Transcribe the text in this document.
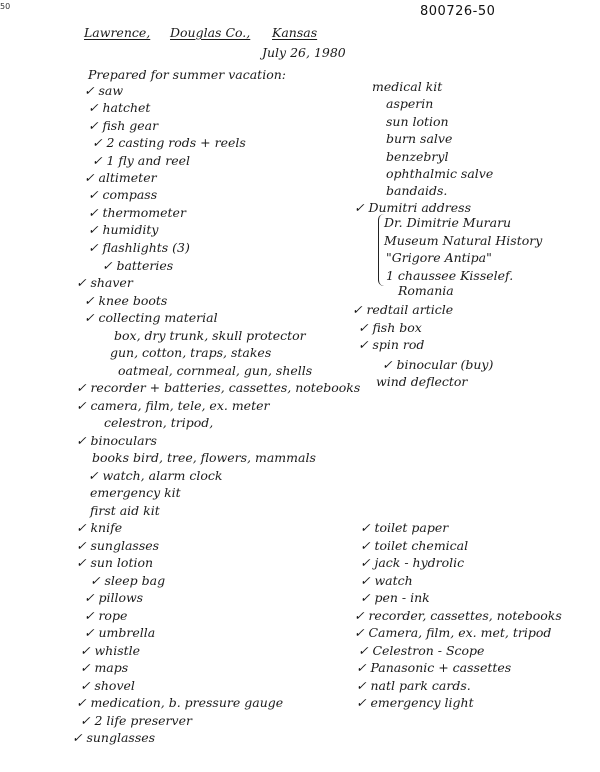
50	800726-50
Lawrence, Douglas Co., Kansas
July 26, 1980
Prepared for summer vacation:
✓ saw
✓ hatchet
✓ fish gear
✓ 2 casting rods + reels
✓ 1 fly and reel
✓ altimeter
✓ compass
✓ thermometer
✓ humidity
✓ flashlights (3)
✓ batteries
✓ shaver
✓ knee boots
✓ collecting material
box, dry trunk, skull protector
gun, cotton, traps, stakes
oatmeal, cornmeal, gun, shells
✓ recorder + batteries, cassettes, notebooks
✓ camera, film, tele, ex. meter
celestron, tripod,
✓ binoculars
books bird, tree, flowers, mammals
✓ watch, alarm clock
emergency kit
first aid kit
✓ knife
✓ sunglasses
✓ sun lotion
✓ sleep bag
✓ pillows
✓ rope
✓ umbrella
✓ whistle
✓ maps
✓ shovel
✓ medication, b. pressure gauge
✓ 2 life preserver
✓ sunglasses
medical kit
asperin
sun lotion
burn salve
benzebryl
ophthalmic salve
bandaids.
✓ Dumitri address
Dr. Dimitrie Muraru
Museum Natural History
"Grigore Antipa"
1 chaussee Kisselef.
Romania
✓ redtail article
✓ fish box
✓ spin rod
✓ binocular (buy)
wind deflector
✓ toilet paper
✓ toilet chemical
✓ jack - hydrolic
✓ watch
✓ pen - ink
✓ recorder, cassettes, notebooks
✓ Camera, film, ex. met, tripod
✓ Celestron - Scope
✓ Panasonic + cassettes
✓ natl park cards.
✓ emergency light
